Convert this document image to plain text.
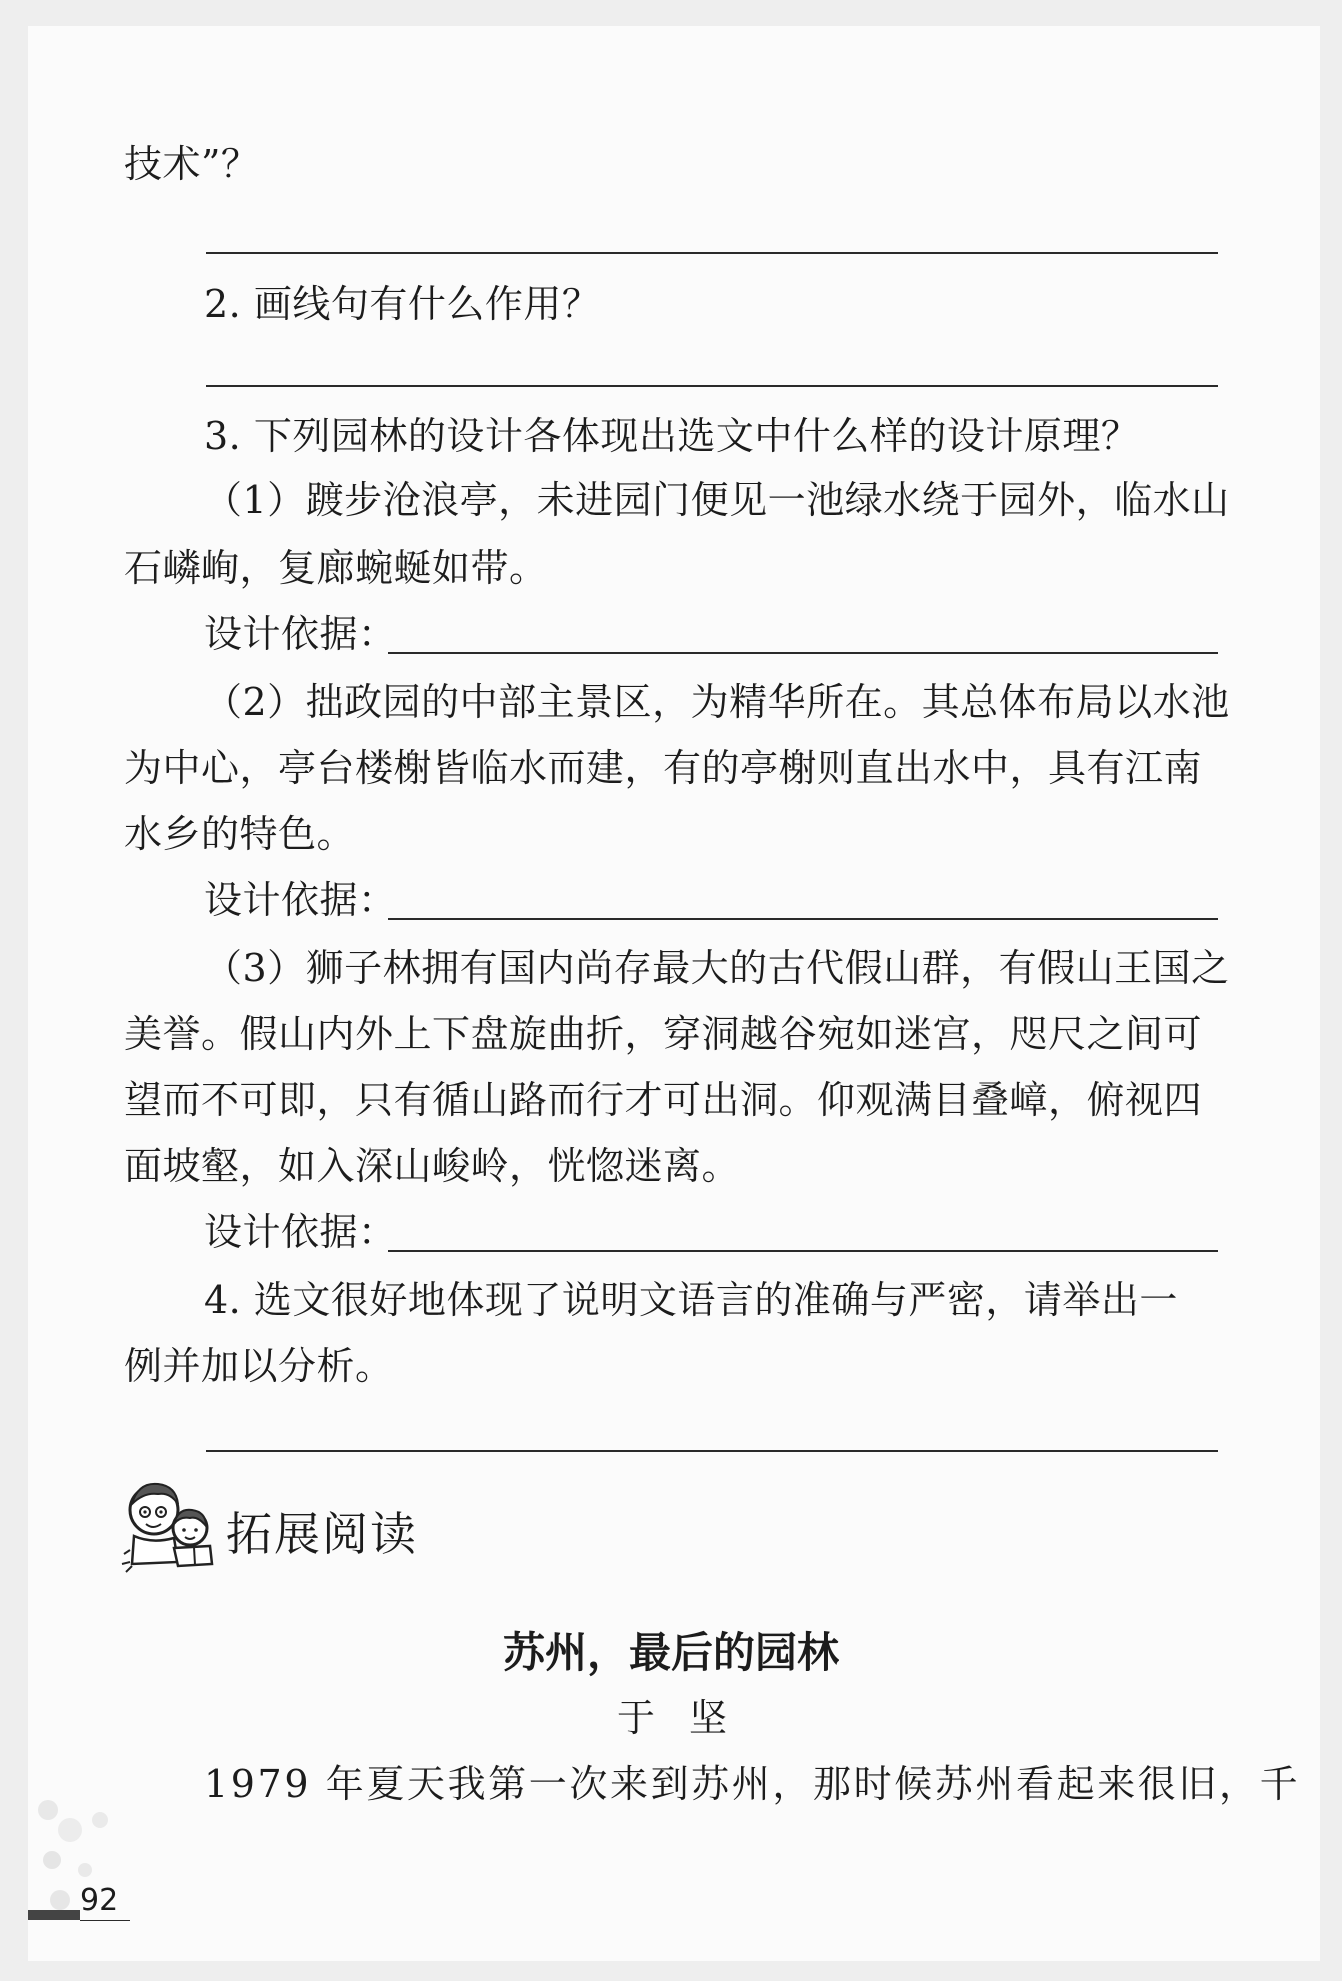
技术”？
2. 画线句有什么作用？
3. 下列园林的设计各体现出选文中什么样的设计原理？
（1）踱步沧浪亭，未进园门便见一池绿水绕于园外，临水山
石嶙峋，复廊蜿蜒如带。
设计依据：
（2）拙政园的中部主景区，为精华所在。其总体布局以水池
为中心，亭台楼榭皆临水而建，有的亭榭则直出水中，具有江南
水乡的特色。
设计依据：
（3）狮子林拥有国内尚存最大的古代假山群，有假山王国之
美誉。假山内外上下盘旋曲折，穿洞越谷宛如迷宫，咫尺之间可
望而不可即，只有循山路而行才可出洞。仰观满目叠嶂，俯视四
面坡壑，如入深山峻岭，恍惚迷离。
设计依据：
4. 选文很好地体现了说明文语言的准确与严密，请举出一
例并加以分析。
拓展阅读
苏州，最后的园林
于坚
1979 年夏天我第一次来到苏州，那时候苏州看起来很旧，千
92
